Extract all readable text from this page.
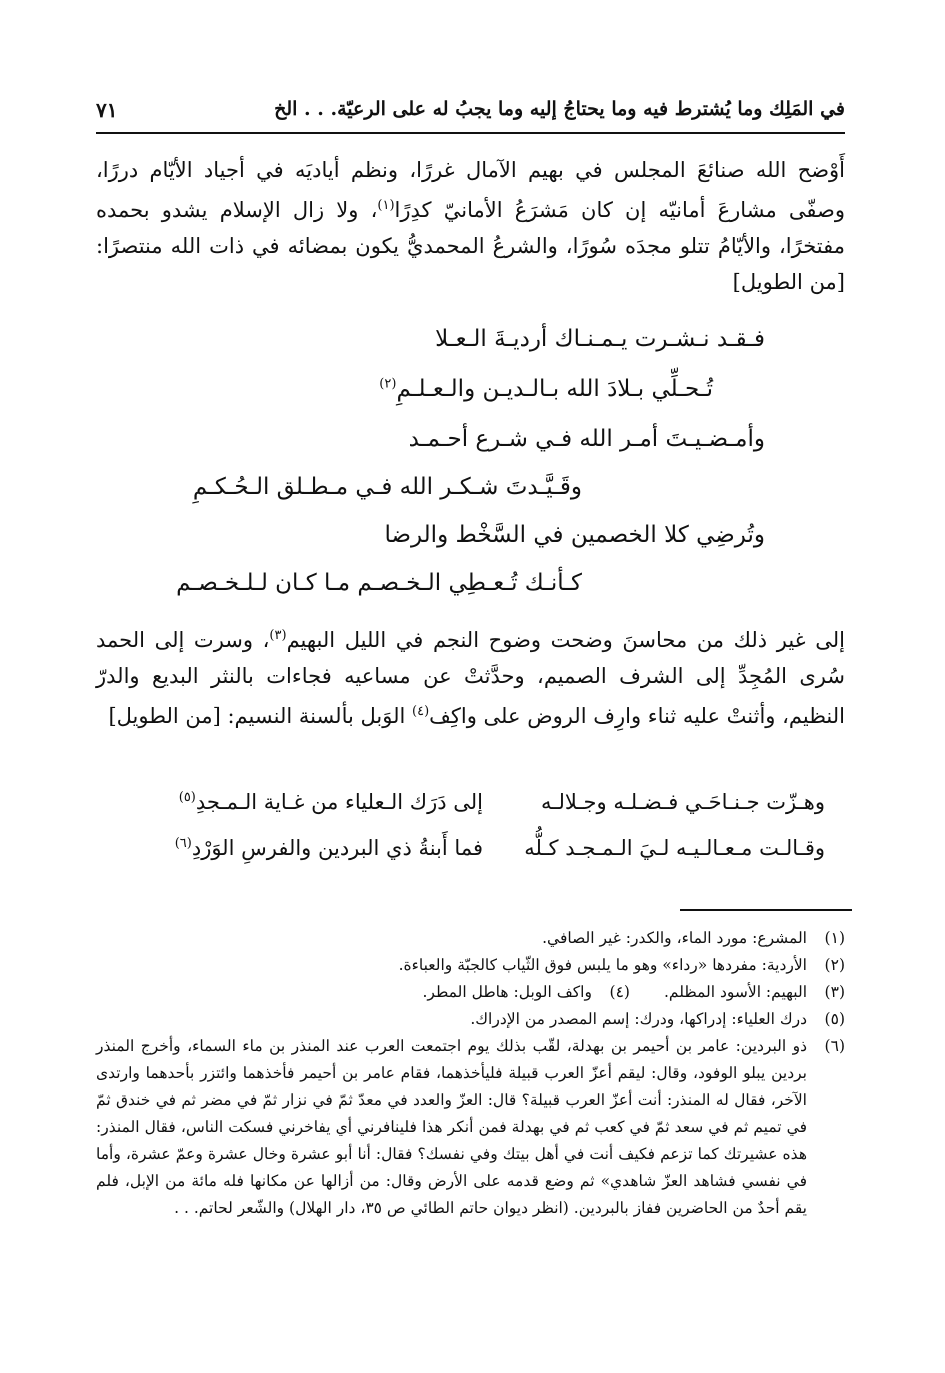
في المَلِك وما يُشترط فيه وما يحتاجُ إليه وما يجبُ له على الرعيّة. . . الخ
٧١

أَوْضح الله صنائعَ المجلس في بهيم الآمال غررًا، ونظم أياديَه في أجياد الأيّام دررًا، وصفّى مشارعَ أمانيّه إن كان مَشرَعُ الأمانيّ كدِرًا$^{(١)}$، ولا زال الإسلام يشدو بحمده مفتخرًا، والأيّامُ تتلو مجدَه سُورًا، والشرعُ المحمديُّ يكون بمضائه في ذات الله منتصرًا: [من الطويل]

فـقـد نـشـرت يـمـنـاك أرديـةَ الـعـلا
تُـحـلِّي بـلادَ الله بـالـديـن والـعـلـمِ$^{(٢)}$
وأمـضـيـتَ أمـر الله فـي شـرع أحـمـد
وقَـيَّـدتَ شـكـر الله فـي مـطـلق الـحُـكـمِ
وتُرضِي كلا الخصمين في السَّخْط والرضا
كـأنـك تُـعـطِي الـخـصـم مـا كـان لـلـخـصـم

إلى غير ذلك من محاسنَ وضحت وضوح النجم في الليل البهيم$^{(٣)}$، وسرت إلى الحمد سُرى المُجِدِّ إلى الشرف الصميم، وحدَّثتْ عن مساعيه فجاءات بالنثر البديع والدرّ النظيم، وأثنتْ عليه ثناء وارِف الروض على واكِف$^{(٤)}$ الوَبل بألسنة النسيم: [من الطويل]

وهـزّت جـنـاحَـي فـضـلـه وجـلالـه
إلى دَرَك الـعلياء من غـاية الـمـجدِ$^{(٥)}$
وقـالـت مـعـالـيـه لـيَ الـمـجـد كـلُّه
فما أَبنةُ ذي البردين والفرسِ الوَرْدِ$^{(٦)}$
(١)
المشرع: مورد الماء، والكدر: غير الصافي.
(٢)
الأردية: مفردها «رداء» وهو ما يلبس فوق الثّياب كالجبّة والعباءة.
(٣)
البهيم: الأسود المظلم.
(٤)
واكف الوبل: هاطل المطر.
(٥)
درك العلياء: إدراكها، ودرك: إسم المصدر من الإدراك.
(٦)
ذو البردين: عامر بن أحيمر بن بهدلة، لقّب بذلك يوم اجتمعت العرب عند المنذر بن ماء السماء، وأخرج المنذر بردين يبلو الوفود، وقال: ليقم أعزّ العرب قبيلة فليأخذهما، فقام عامر بن أحيمر فأخذهما وائتزر بأحدهما وارتدى الآخر، فقال له المنذر: أنت أعزّ العرب قبيلة؟ قال: العزّ والعدد في معدّ ثمّ في نزار ثمّ في مضر ثم في خندق ثمّ في تميم ثم في سعد ثمّ في كعب ثم في بهدلة فمن أنكر هذا فلينافرني أي يفاخرني فسكت الناس، فقال المنذر: هذه عشيرتك كما تزعم فكيف أنت في أهل بيتك وفي نفسك؟ فقال: أنا أبو عشرة وخال عشرة وعمّ عشرة، وأما في نفسي فشاهد العزّ شاهدي» ثم وضع قدمه على الأرض وقال: من أزالها عن مكانها فله مائة من الإبل، فلم يقم أحدٌ من الحاضرين ففاز بالبردين. (انظر ديوان حاتم الطائي ص ٣٥، دار الهلال) والشّعر لحاتم. . .
